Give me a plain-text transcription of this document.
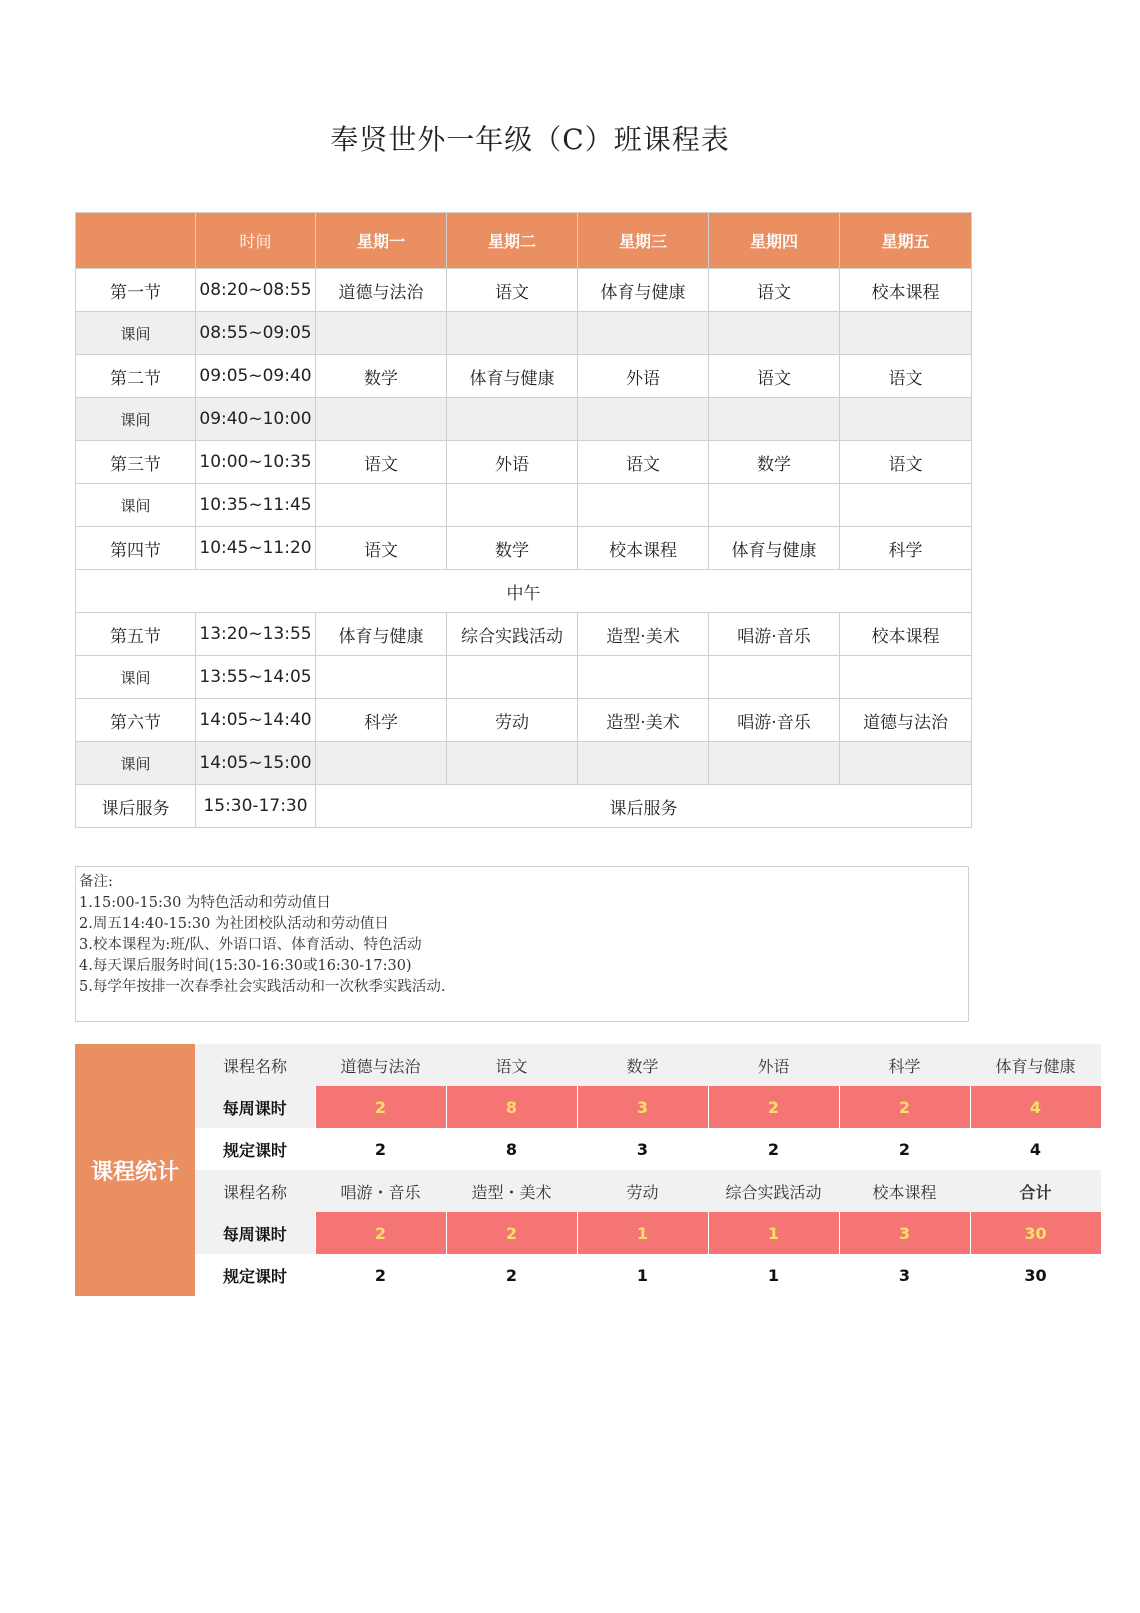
奉贤世外一年级（C）班课程表
	时间	星期一	星期二	星期三	星期四	星期五
第一节	08:20~08:55	道德与法治	语文	体育与健康	语文	校本课程
课间	08:55~09:05					
第二节	09:05~09:40	数学	体育与健康	外语	语文	语文
课间	09:40~10:00					
第三节	10:00~10:35	语文	外语	语文	数学	语文
课间	10:35~11:45					
第四节	10:45~11:20	语文	数学	校本课程	体育与健康	科学
中午						
第五节	13:20~13:55	体育与健康	综合实践活动	造型·美术	唱游·音乐	校本课程
课间	13:55~14:05					
第六节	14:05~14:40	科学	劳动	造型·美术	唱游·音乐	道德与法治
课间	14:05~15:00					
课后服务	15:30-17:30	课后服务				
备注:
1.15:00-15:30 为特色活动和劳动值日
2.周五14:40-15:30 为社团校队活动和劳动值日
3.校本课程为:班/队、外语口语、体育活动、特色活动
4.每天课后服务时间(15:30-16:30或16:30-17:30)
5.每学年按排一次春季社会实践活动和一次秋季实践活动.
课程统计	课程名称	道德与法治	语文	数学	外语	科学	体育与健康
	每周课时	2	8	3	2	2	4
	规定课时	2	8	3	2	2	4
	课程名称	唱游・音乐	造型・美术	劳动	综合实践活动	校本课程	合计
	每周课时	2	2	1	1	3	30
	规定课时	2	2	1	1	3	30
